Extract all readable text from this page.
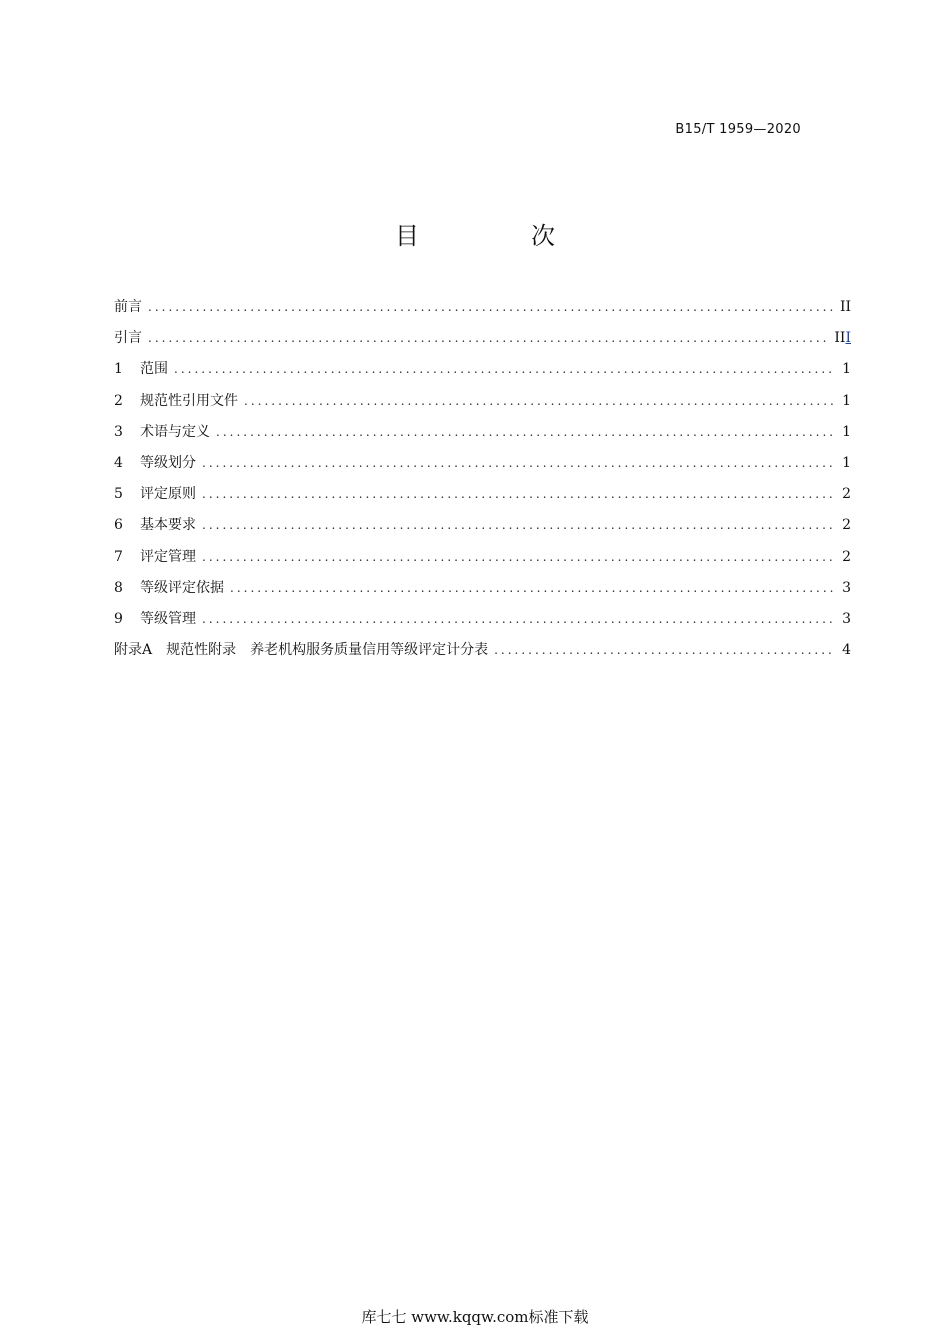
B15/T 1959—2020
目　次
前言 .....	II
引言 .....	III
1	范围 .....	1
2	规范性引用文件 .....	1
3	术语与定义 .....	1
4	等级划分 .....	1
5	评定原则 .....	2
6	基本要求 .....	2
7	评定管理 .....	2
8	等级评定依据 .....	3
9	等级管理 .....	3
附录A　规范性附录　养老机构服务质量信用等级评定计分表 .....	4
库七七 www.kqqw.com标准下载
